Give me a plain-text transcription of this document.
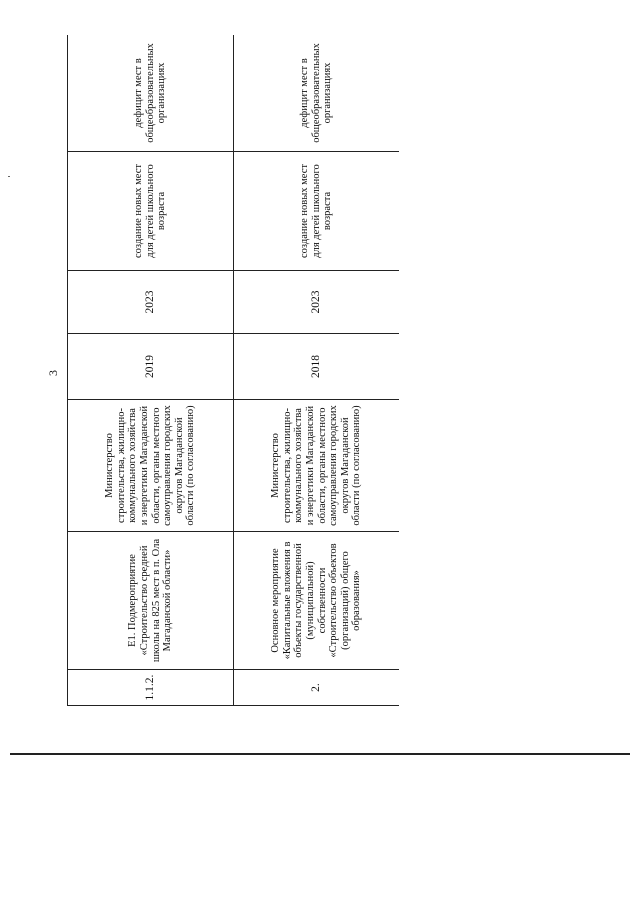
3
1.1.2.	Е1. Подмероприятие «Строительство средней школы на 825 мест в п. Ола Магаданской области»	Министерство строительства, жилищно-коммунального хозяйства и энергетики Магаданской области, органы местного самоуправления городских округов Магаданской области (по согласованию)	2019	2023	создание новых мест для детей школьного возраста	дефицит мест в общеобразовательных организациях
2.	Основное мероприятие «Капитальные вложения в объекты государственной (муниципальной) собственности «Строительство объектов (организаций) общего образования»	Министерство строительства, жилищно-коммунального хозяйства и энергетики Магаданской области, органы местного самоуправления городских округов Магаданской области (по согласованию)	2018	2023	создание новых мест для детей школьного возраста	дефицит мест в общеобразовательных организациях
